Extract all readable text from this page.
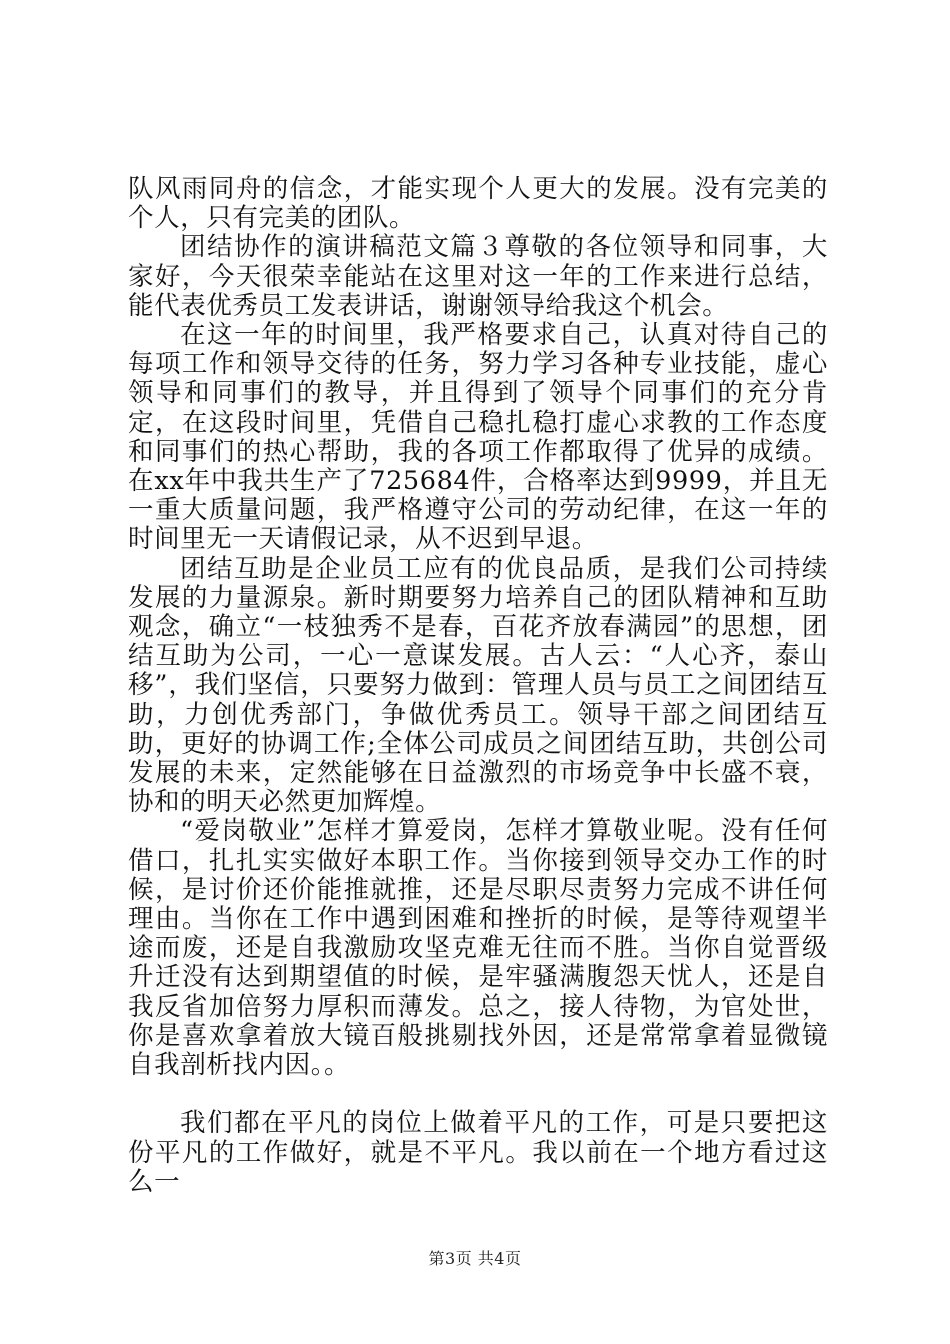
队风雨同舟的信念，才能实现个人更大的发展。没有完美的个人，只有完美的团队。

团结协作的演讲稿范文篇３尊敬的各位领导和同事，大家好，今天很荣幸能站在这里对这一年的工作来进行总结，能代表优秀员工发表讲话，谢谢领导给我这个机会。

在这一年的时间里，我严格要求自己，认真对待自己的每项工作和领导交待的任务，努力学习各种专业技能，虚心领导和同事们的教导，并且得到了领导个同事们的充分肯定，在这段时间里，凭借自己稳扎稳打虚心求教的工作态度和同事们的热心帮助，我的各项工作都取得了优异的成绩。在xx年中我共生产了725684件，合格率达到9999，并且无一重大质量问题，我严格遵守公司的劳动纪律，在这一年的时间里无一天请假记录，从不迟到早退。

团结互助是企业员工应有的优良品质，是我们公司持续发展的力量源泉。新时期要努力培养自己的团队精神和互助观念，确立“一枝独秀不是春，百花齐放春满园”的思想，团结互助为公司，一心一意谋发展。古人云：“人心齐，泰山移”，我们坚信，只要努力做到：管理人员与员工之间团结互助，力创优秀部门，争做优秀员工。领导干部之间团结互助，更好的协调工作;全体公司成员之间团结互助，共创公司发展的未来，定然能够在日益激烈的市场竞争中长盛不衰，协和的明天必然更加辉煌。

“爱岗敬业”怎样才算爱岗，怎样才算敬业呢。没有任何借口，扎扎实实做好本职工作。当你接到领导交办工作的时候，是讨价还价能推就推，还是尽职尽责努力完成不讲任何理由。当你在工作中遇到困难和挫折的时候，是等待观望半途而废，还是自我激励攻坚克难无往而不胜。当你自觉晋级升迁没有达到期望值的时候，是牢骚满腹怨天忧人，还是自我反省加倍努力厚积而薄发。总之，接人待物，为官处世，你是喜欢拿着放大镜百般挑剔找外因，还是常常拿着显微镜自我剖析找内因。。

我们都在平凡的岗位上做着平凡的工作，可是只要把这份平凡的工作做好，就是不平凡。我以前在一个地方看过这么一

第3页 共4页
